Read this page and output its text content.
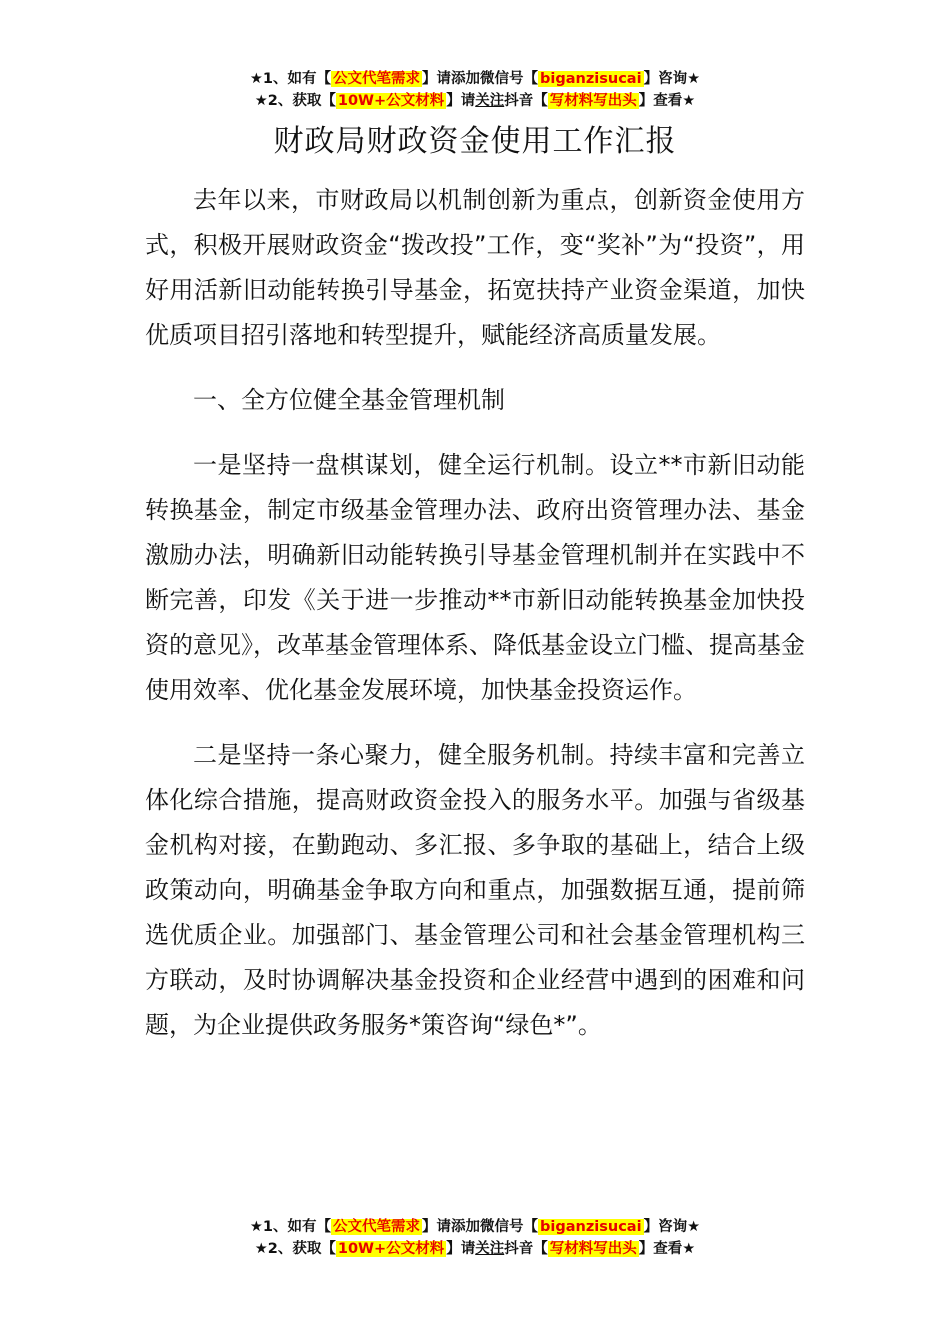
★1、如有【 公文代笔需求 】请添加微信号【 biganzisucai 】咨询★
★2、获取【 10W+公文材料 】请关注抖音【 写材料写出头 】查看★
财政局财政资金使用工作汇报

去年以来，市财政局以机制创新为重点，创新资金使用方式，积极开展财政资金“拨改投”工作，变“奖补”为“投资”，用好用活新旧动能转换引导基金，拓宽扶持产业资金渠道，加快优质项目招引落地和转型提升，赋能经济高质量发展。

一、全方位健全基金管理机制

一是坚持一盘棋谋划，健全运行机制。设立**市新旧动能转换基金，制定市级基金管理办法、政府出资管理办法、基金激励办法，明确新旧动能转换引导基金管理机制并在实践中不断完善，印发《关于进一步推动**市新旧动能转换基金加快投资的意见》，改革基金管理体系、降低基金设立门槛、提高基金使用效率、优化基金发展环境，加快基金投资运作。

二是坚持一条心聚力，健全服务机制。持续丰富和完善立体化综合措施，提高财政资金投入的服务水平。加强与省级基金机构对接，在勤跑动、多汇报、多争取的基础上，结合上级政策动向，明确基金争取方向和重点，加强数据互通，提前筛选优质企业。加强部门、基金管理公司和社会基金管理机构三方联动，及时协调解决基金投资和企业经营中遇到的困难和问题，为企业提供政务服务*策咨询“绿色*”。

★1、如有【 公文代笔需求 】请添加微信号【 biganzisucai 】咨询★
★2、获取【 10W+公文材料 】请关注抖音【 写材料写出头 】查看★
